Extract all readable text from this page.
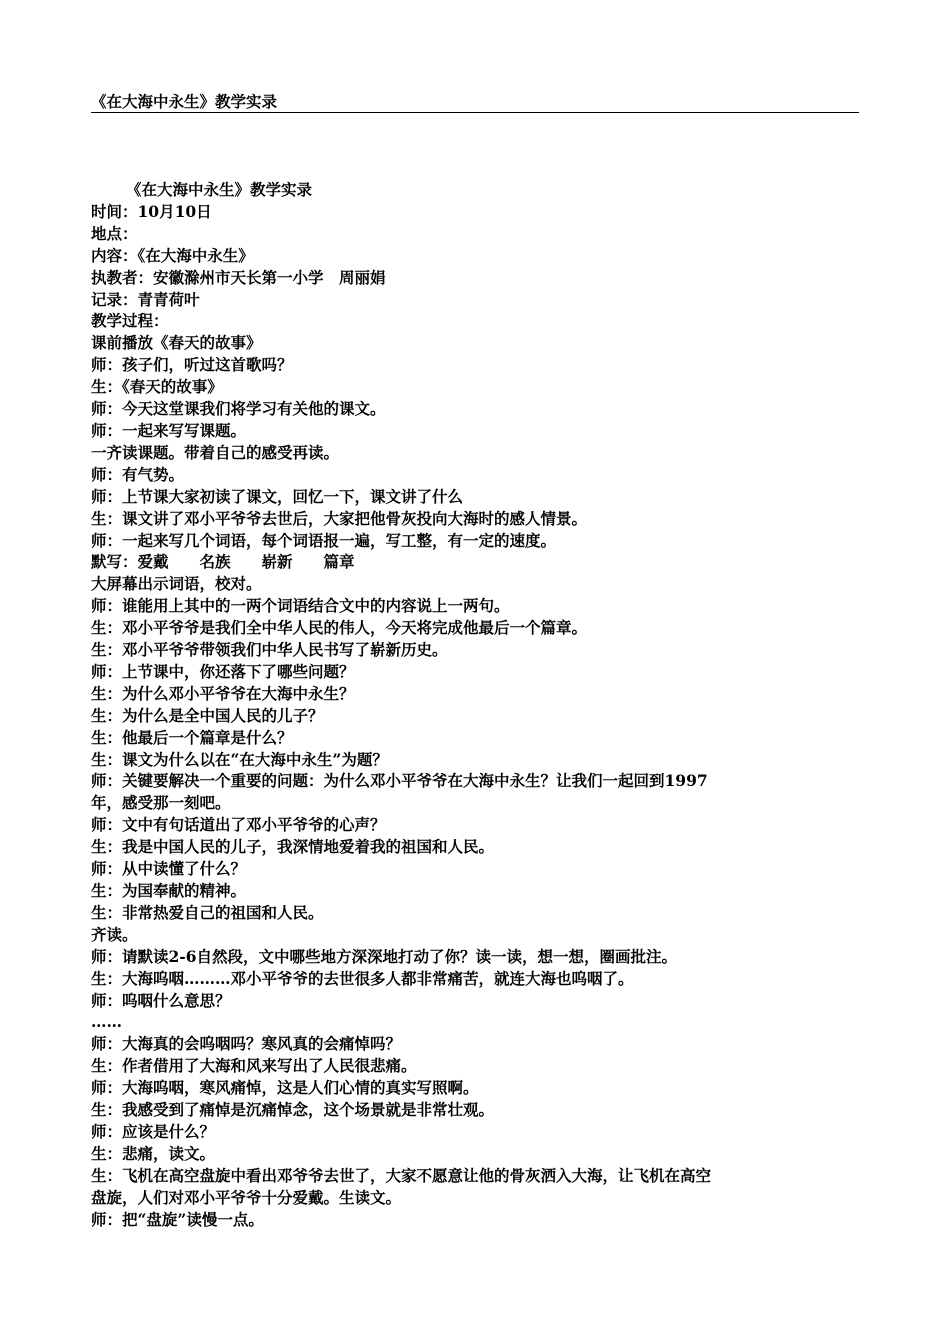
《在大海中永生》教学实录
《在大海中永生》教学实录
时间：10月10日
地点：
内容：《在大海中永生》
执教者：安徽滁州市天长第一小学　周丽娟
记录：青青荷叶
教学过程：
课前播放《春天的故事》
师：孩子们，听过这首歌吗？
生：《春天的故事》
师：今天这堂课我们将学习有关他的课文。
师：一起来写写课题。
一齐读课题。带着自己的感受再读。
师：有气势。
师：上节课大家初读了课文，回忆一下，课文讲了什么
生：课文讲了邓小平爷爷去世后，大家把他骨灰投向大海时的感人情景。
师：一起来写几个词语，每个词语报一遍，写工整，有一定的速度。
默写：爱戴　　名族　　崭新　　篇章
大屏幕出示词语，校对。
师：谁能用上其中的一两个词语结合文中的内容说上一两句。
生：邓小平爷爷是我们全中华人民的伟人，今天将完成他最后一个篇章。
生：邓小平爷爷带领我们中华人民书写了崭新历史。
师：上节课中，你还落下了哪些问题？
生：为什么邓小平爷爷在大海中永生？
生：为什么是全中国人民的儿子？
生：他最后一个篇章是什么？
生：课文为什么以在“在大海中永生”为题？
师：关键要解决一个重要的问题：为什么邓小平爷爷在大海中永生？让我们一起回到1997
年，感受那一刻吧。
师：文中有句话道出了邓小平爷爷的心声？
生：我是中国人民的儿子，我深情地爱着我的祖国和人民。
师：从中读懂了什么？
生：为国奉献的精神。
生：非常热爱自己的祖国和人民。
齐读。
师：请默读2-6自然段，文中哪些地方深深地打动了你？读一读，想一想，圈画批注。
生：大海呜咽………邓小平爷爷的去世很多人都非常痛苦，就连大海也呜咽了。
师：呜咽什么意思？
……
师：大海真的会呜咽吗？寒风真的会痛悼吗？
生：作者借用了大海和风来写出了人民很悲痛。
师：大海呜咽，寒风痛悼，这是人们心情的真实写照啊。
生：我感受到了痛悼是沉痛悼念，这个场景就是非常壮观。
师：应该是什么？
生：悲痛，读文。
生：飞机在高空盘旋中看出邓爷爷去世了，大家不愿意让他的骨灰洒入大海，让飞机在高空
盘旋，人们对邓小平爷爷十分爱戴。生读文。
师：把“盘旋”读慢一点。
